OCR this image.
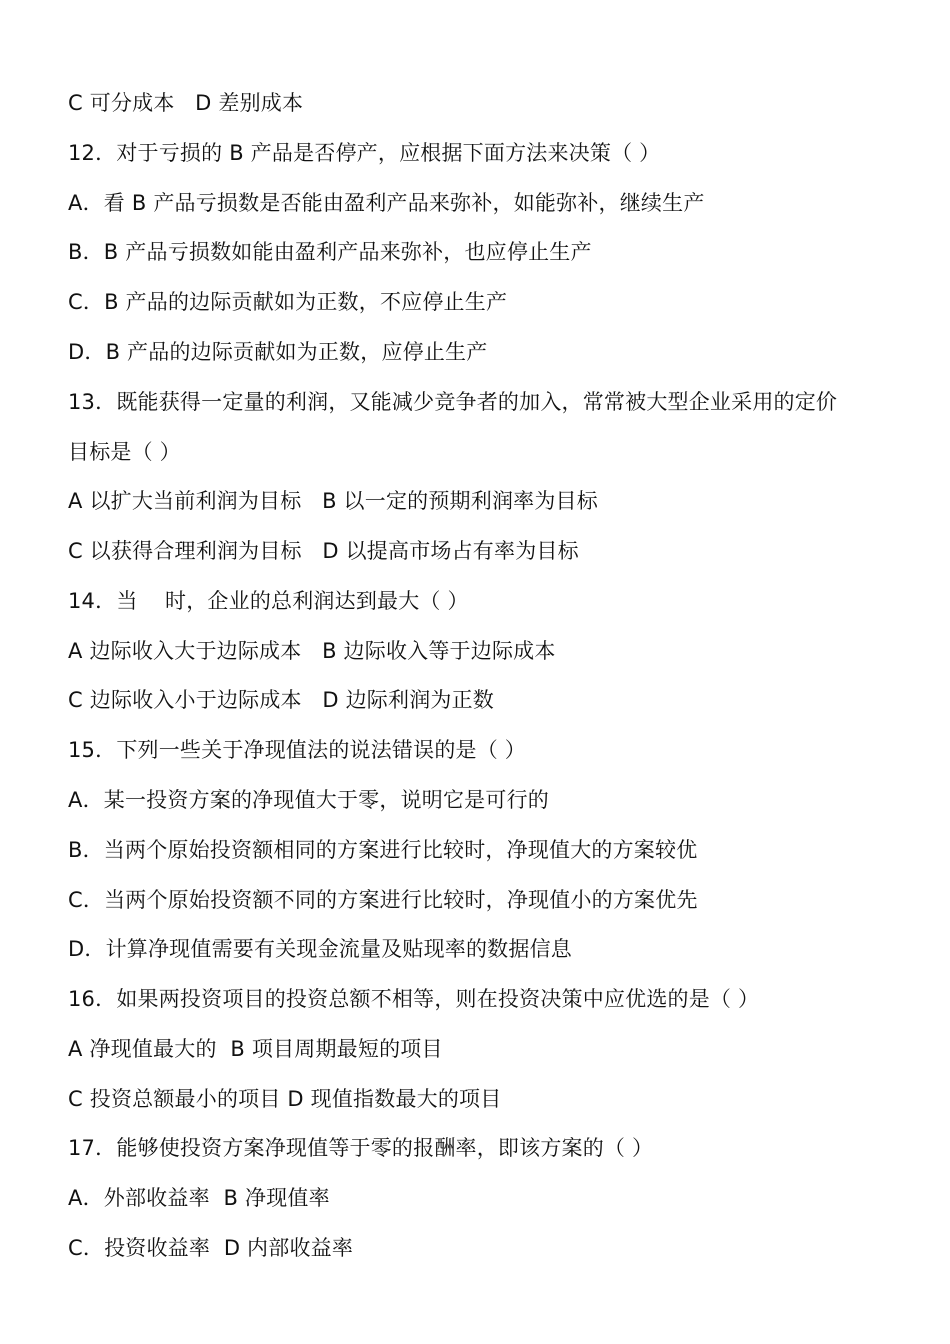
C 可分成本   D 差别成本
12．对于亏损的 B 产品是否停产，应根据下面方法来决策（ ）
A．看 B 产品亏损数是否能由盈利产品来弥补，如能弥补，继续生产
B．B 产品亏损数如能由盈利产品来弥补，也应停止生产
C．B 产品的边际贡献如为正数，不应停止生产
D．B 产品的边际贡献如为正数，应停止生产
13．既能获得一定量的利润，又能减少竞争者的加入，常常被大型企业采用的定价
目标是（ ）
A 以扩大当前利润为目标   B 以一定的预期利润率为目标
C 以获得合理利润为目标   D 以提高市场占有率为目标
14．当    时，企业的总利润达到最大（ ）
A 边际收入大于边际成本   B 边际收入等于边际成本
C 边际收入小于边际成本   D 边际利润为正数
15．下列一些关于净现值法的说法错误的是（ ）
A．某一投资方案的净现值大于零，说明它是可行的
B．当两个原始投资额相同的方案进行比较时，净现值大的方案较优
C．当两个原始投资额不同的方案进行比较时，净现值小的方案优先
D．计算净现值需要有关现金流量及贴现率的数据信息
16．如果两投资项目的投资总额不相等，则在投资决策中应优选的是（ ）
A 净现值最大的  B 项目周期最短的项目
C 投资总额最小的项目 D 现值指数最大的项目
17．能够使投资方案净现值等于零的报酬率，即该方案的（ ）
A．外部收益率  B 净现值率
C．投资收益率  D 内部收益率
